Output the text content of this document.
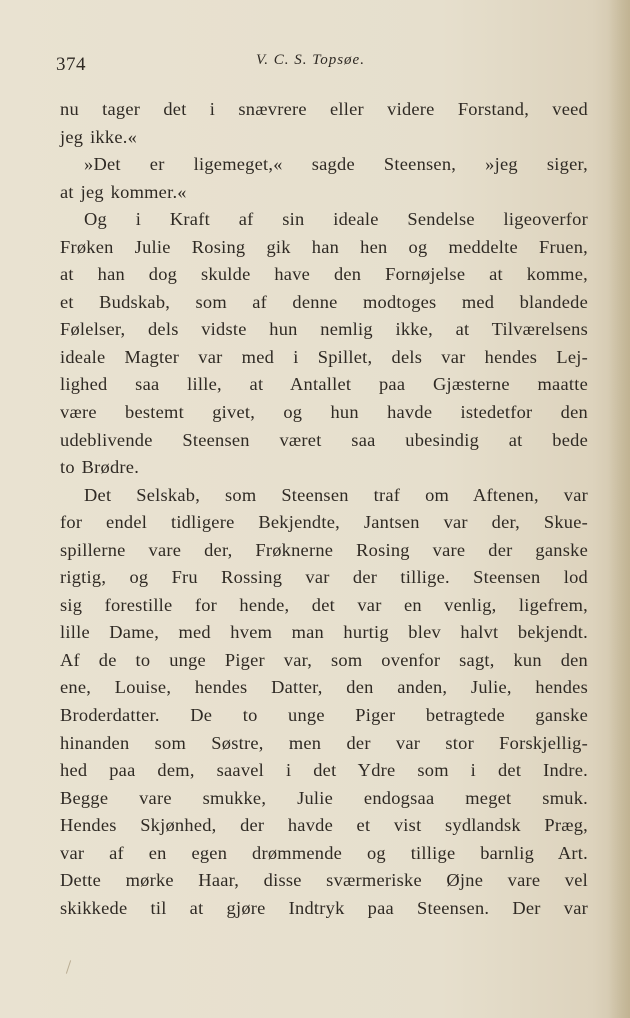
374	V. C. S. Topsøe.
nu tager det i snævrere eller videre Forstand, veed
jeg ikke.«
»Det er ligemeget,« sagde Steensen, »jeg siger,
at jeg kommer.«
Og i Kraft af sin ideale Sendelse ligeoverfor
Frøken Julie Rosing gik han hen og meddelte Fruen,
at han dog skulde have den Fornøjelse at komme,
et Budskab, som af denne modtoges med blandede
Følelser, dels vidste hun nemlig ikke, at Tilværelsens
ideale Magter var med i Spillet, dels var hendes Lej-
lighed saa lille, at Antallet paa Gjæsterne maatte
være bestemt givet, og hun havde istedetfor den
udeblivende Steensen været saa ubesindig at bede
to Brødre.
Det Selskab, som Steensen traf om Aftenen, var
for endel tidligere Bekjendte, Jantsen var der, Skue-
spillerne vare der, Frøknerne Rosing vare der ganske
rigtig, og Fru Rossing var der tillige. Steensen lod
sig forestille for hende, det var en venlig, ligefrem,
lille Dame, med hvem man hurtig blev halvt bekjendt.
Af de to unge Piger var, som ovenfor sagt, kun den
ene, Louise, hendes Datter, den anden, Julie, hendes
Broderdatter. De to unge Piger betragtede ganske
hinanden som Søstre, men der var stor Forskjellig-
hed paa dem, saavel i det Ydre som i det Indre.
Begge vare smukke, Julie endogsaa meget smuk.
Hendes Skjønhed, der havde et vist sydlandsk Præg,
var af en egen drømmende og tillige barnlig Art.
Dette mørke Haar, disse sværmeriske Øjne vare vel
skikkede til at gjøre Indtryk paa Steensen. Der var
